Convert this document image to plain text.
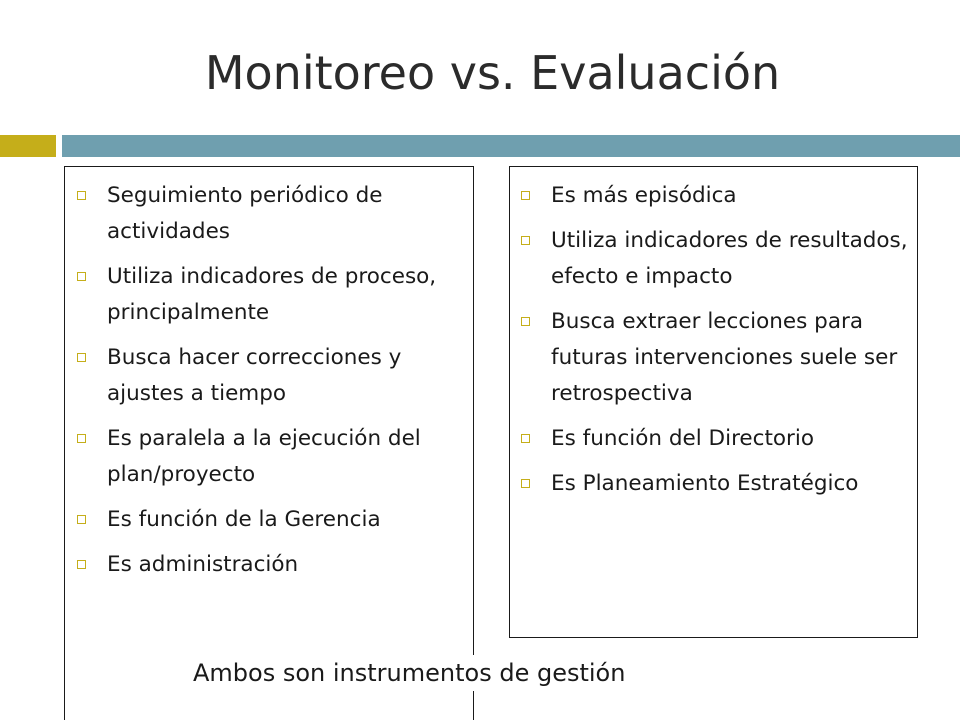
Monitoreo vs. Evaluación
Seguimiento periódico de actividades
Utiliza indicadores de proceso, principalmente
Busca hacer correcciones y ajustes a tiempo
Es paralela a la ejecución del plan/proyecto
Es función de la Gerencia
Es administración
Es más episódica
Utiliza indicadores de resultados, efecto e impacto
Busca extraer lecciones para futuras intervenciones suele ser retrospectiva
Es función del Directorio
Es Planeamiento Estratégico
Ambos son instrumentos de gestión
